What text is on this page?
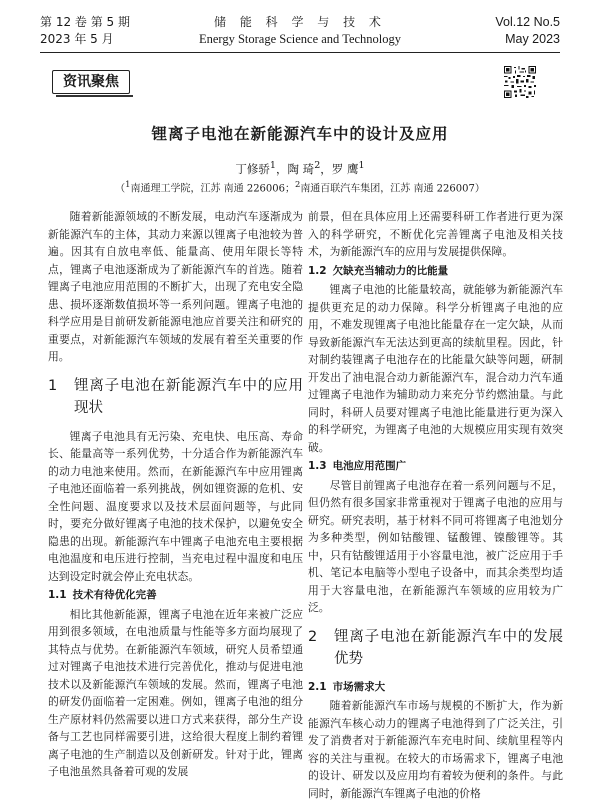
第 12 卷 第 5 期
2023 年 5 月
储 能 科 学 与 技 术
Energy Storage Science and Technology
Vol.12 No.5
May 2023
资讯聚焦
锂离子电池在新能源汽车中的设计及应用
丁修骄$^1$，陶 琦$^2$，罗 鹰$^1$
（$^1$南通理工学院，江苏 南通 226006；$^2$南通百联汽车集团，江苏 南通 226007）

随着新能源领域的不断发展，电动汽车逐渐成为新能源汽车的主体，其动力来源以锂离子电池较为普遍。因其有自放电率低、能量高、使用年限长等特点，锂离子电池逐渐成为了新能源汽车的首选。随着锂离子电池应用范围的不断扩大，出现了充电安全隐患、损坏逐渐数值损坏等一系列问题。锂离子电池的科学应用是目前研发新能源电池应首要关注和研究的重要点，对新能源汽车领域的发展有着至关重要的作用。

1	锂离子电池在新能源汽车中的应用现状

锂离子电池具有无污染、充电快、电压高、寿命长、能量高等一系列优势，十分适合作为新能源汽车的动力电池来使用。然而，在新能源汽车中应用锂离子电池还面临着一系列挑战，例如锂资源的危机、安全性问题、温度要求以及技术层面问题等，与此同时，要充分做好锂离子电池的技术保护，以避免安全隐患的出现。新能源汽车中锂离子电池充电主要根据电池温度和电压进行控制，当充电过程中温度和电压达到设定时就会停止充电状态。

1.1 技术有待优化完善

相比其他新能源，锂离子电池在近年来被广泛应用到很多领域，在电池质量与性能等多方面均展现了其特点与优势。在新能源汽车领域，研究人员希望通过对锂离子电池技术进行完善优化，推动与促进电池技术以及新能源汽车领域的发展。然而，锂离子电池的研发仍面临着一定困难。例如，锂离子电池的组分生产原材料仍然需要以进口方式来获得，部分生产设备与工艺也同样需要引进，这给很大程度上制约着锂离子电池的生产制造以及创新研发。针对于此，锂离子电池虽然具备着可观的发展

前景，但在具体应用上还需要科研工作者进行更为深入的科学研究，不断优化完善锂离子电池及相关技术，为新能源汽车的应用与发展提供保障。

1.2 欠缺充当辅动力的比能量

锂离子电池的比能量较高，就能够为新能源汽车提供更充足的动力保障。科学分析锂离子电池的应用，不难发现锂离子电池比能量存在一定欠缺，从而导致新能源汽车无法达到更高的续航里程。因此，针对制约装锂离子电池存在的比能量欠缺等问题，研制开发出了油电混合动力新能源汽车，混合动力汽车通过锂离子电池作为辅助动力来充分节约燃油量。与此同时，科研人员要对锂离子电池比能量进行更为深入的科学研究，为锂离子电池的大规模应用实现有效突破。

1.3 电池应用范围广

尽管目前锂离子电池存在着一系列问题与不足，但仍然有很多国家非常重视对于锂离子电池的应用与研究。研究表明，基于材料不同可将锂离子电池划分为多种类型，例如钴酸锂、锰酸锂、镍酸锂等。其中，只有钴酸锂适用于小容量电池，被广泛应用于手机、笔记本电脑等小型电子设备中，而其余类型均适用于大容量电池，在新能源汽车领域的应用较为广泛。

2	锂离子电池在新能源汽车中的发展优势
2.1 市场需求大

随着新能源汽车市场与规模的不断扩大，作为新能源汽车核心动力的锂离子电池得到了广泛关注，引发了消费者对于新能源汽车充电时间、续航里程等内容的关注与重视。在较大的市场需求下，锂离子电池的设计、研发以及应用均有着较为便利的条件。与此同时，新能源汽车锂离子电池的价格
